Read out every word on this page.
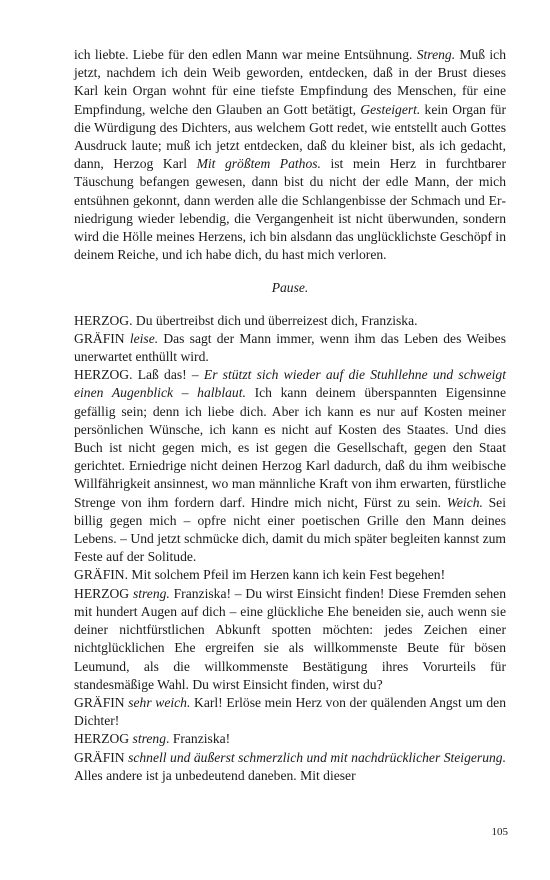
ich liebte. Liebe für den edlen Mann war meine Entsühnung. Streng. Muß ich jetzt, nachdem ich dein Weib geworden, entdecken, daß in der Brust dieses Karl kein Organ wohnt für eine tiefste Empfindung des Menschen, für eine Empfindung, welche den Glauben an Gott betätigt, Gesteigert. kein Organ für die Würdigung des Dichters, aus welchem Gott redet, wie entstellt auch Gottes Ausdruck laute; muß ich jetzt entdecken, daß du kleiner bist, als ich gedacht, dann, Herzog Karl Mit größtem Pathos. ist mein Herz in furchtbarer Täuschung befangen gewesen, dann bist du nicht der edle Mann, der mich entsühnen gekonnt, dann werden alle die Schlangenbisse der Schmach und Erniedrigung wieder lebendig, die Vergangenheit ist nicht überwunden, sondern wird die Hölle meines Herzens, ich bin alsdann das unglücklichste Geschöpf in deinem Reiche, und ich habe dich, du hast mich verloren.

Pause.

HERZOG. Du übertreibst dich und überreizest dich, Franziska.

GRÄFIN leise. Das sagt der Mann immer, wenn ihm das Leben des Weibes unerwartet enthüllt wird.

HERZOG. Laß das! – Er stützt sich wieder auf die Stuhllehne und schweigt einen Augenblick – halblaut. Ich kann deinem überspannten Eigensinne gefällig sein; denn ich liebe dich. Aber ich kann es nur auf Kosten meiner persönlichen Wünsche, ich kann es nicht auf Kosten des Staates. Und dies Buch ist nicht gegen mich, es ist gegen die Gesellschaft, gegen den Staat gerichtet. Erniedrige nicht deinen Herzog Karl dadurch, daß du ihm weibische Willfährigkeit ansinnest, wo man männliche Kraft von ihm erwarten, fürstliche Strenge von ihm fordern darf. Hindre mich nicht, Fürst zu sein. Weich. Sei billig gegen mich – opfre nicht einer poetischen Grille den Mann deines Lebens. – Und jetzt schmücke dich, damit du mich später begleiten kannst zum Feste auf der Solitude.

GRÄFIN. Mit solchem Pfeil im Herzen kann ich kein Fest begehen!

HERZOG streng. Franziska! – Du wirst Einsicht finden! Diese Fremden sehen mit hundert Augen auf dich – eine glückliche Ehe beneiden sie, auch wenn sie deiner nichtfürstlichen Abkunft spotten möchten: jedes Zeichen einer nichtglücklichen Ehe ergreifen sie als willkommenste Beute für bösen Leumund, als die willkommenste Bestätigung ihres Vorurteils für standesmäßige Wahl. Du wirst Einsicht finden, wirst du?

GRÄFIN sehr weich. Karl! Erlöse mein Herz von der quälenden Angst um den Dichter!

HERZOG streng. Franziska!

GRÄFIN schnell und äußerst schmerzlich und mit nachdrücklicher Steigerung. Alles andere ist ja unbedeutend daneben. Mit dieser

105
